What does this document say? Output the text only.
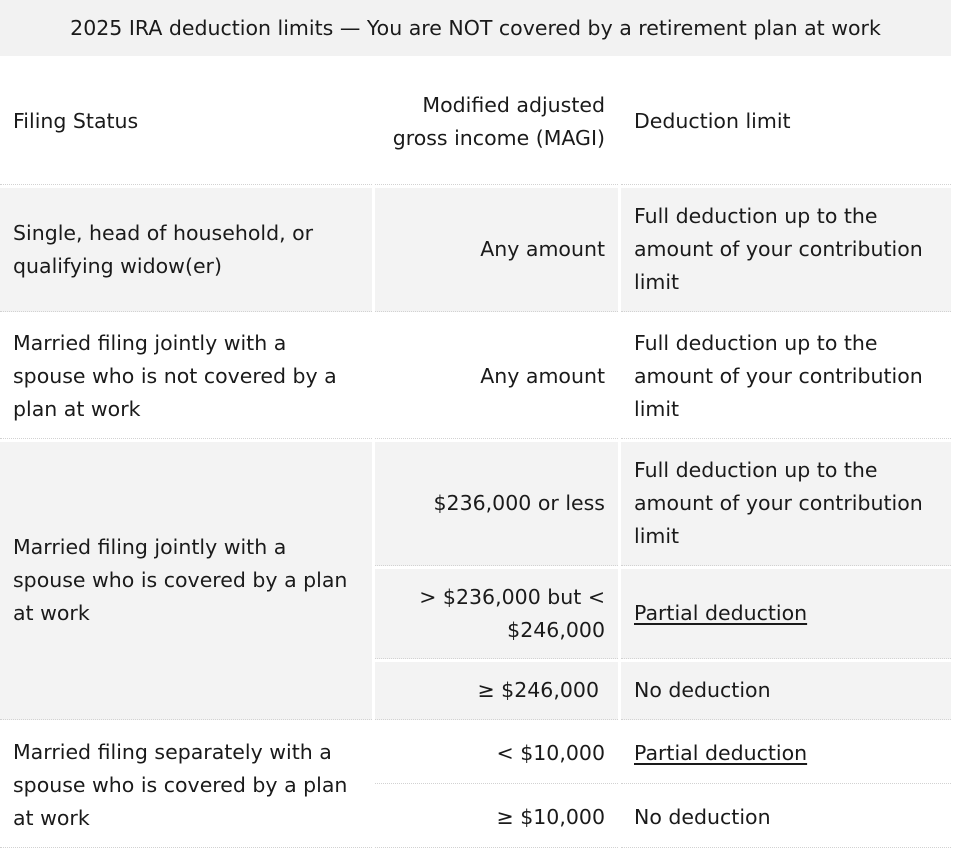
2025 IRA deduction limits — You are NOT covered by a retirement plan at work		
Filing Status	Modified adjusted gross income (MAGI)	Deduction limit
Single, head of household, or qualifying widow(er)	Any amount	Full deduction up to the amount of your contribution limit
Married filing jointly with a spouse who is not covered by a plan at work	Any amount	Full deduction up to the amount of your contribution limit
Married filing jointly with a spouse who is covered by a plan at work	$236,000 or less	Full deduction up to the amount of your contribution limit
	> $236,000 but < $246,000	Partial deduction
	≥ $246,000	No deduction
Married filing separately with a spouse who is covered by a plan at work	< $10,000	Partial deduction
	≥ $10,000	No deduction
